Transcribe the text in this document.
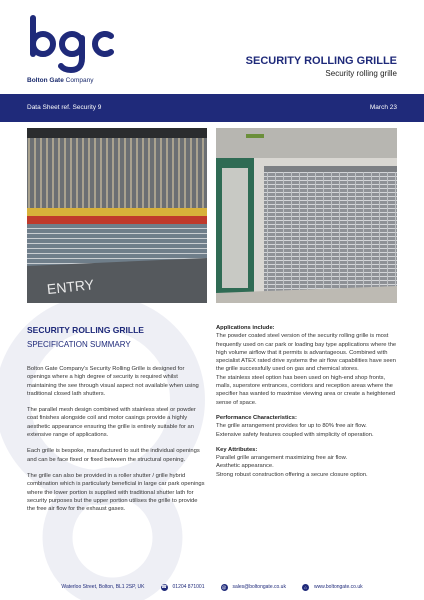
Bolton Gate Company
SECURITY ROLLING GRILLE
Security rolling grille
Data Sheet ref. Security 9	March 23
ENTRY
SECURITY ROLLING GRILLE
SPECIFICATION SUMMARY

Bolton Gate Company's Security Rolling Grille is designed for openings where a high degree of security is required whilst maintaining the see through visual aspect not available when using traditional closed lath shutters.

The parallel mesh design combined with stainless steel or powder coat finishes alongside coil and motor casings provide a highly aesthetic appearance ensuring the grille is entirely suitable for an extensive range of applications.

Each grille is bespoke, manufactured to suit the individual openings and can be face fixed or fixed between the structural opening.

The grille can also be provided in a roller shutter / grille hybrid combination which is particularly beneficial in large car park openings where the lower portion is supplied with traditional shutter lath for security purposes but the upper portion utilises the grille to provide the free air flow for the exhaust gases.

Applications include:
The powder coated steel version of the security rolling grille is most frequently used on car park or loading bay type applications where the high volume airflow that it permits is advantageous. Combined with specialist ATEX rated drive systems the air flow capabilities have seen the grille successfully used on gas and chemical stores.
The stainless steel option has been used on high-end shop fronts, malls, superstore entrances, corridors and reception areas where the specifier has wanted to maximise viewing area or create a heightened sense of space.
Performance Characteristics:
The grille arrangement provides for up to 80% free air flow.
Extensive safety features coupled with simplicity of operation.
Key Attributes:
Parallel grille arrangement maximizing free air flow.
Aesthetic appearance.
Strong robust construction offering a secure closure option.
Waterloo Street, Bolton, BL1 2SP, UK	☎ 01204 871001	@ sales@boltongate.co.uk	⌂	www.boltongate.co.uk
